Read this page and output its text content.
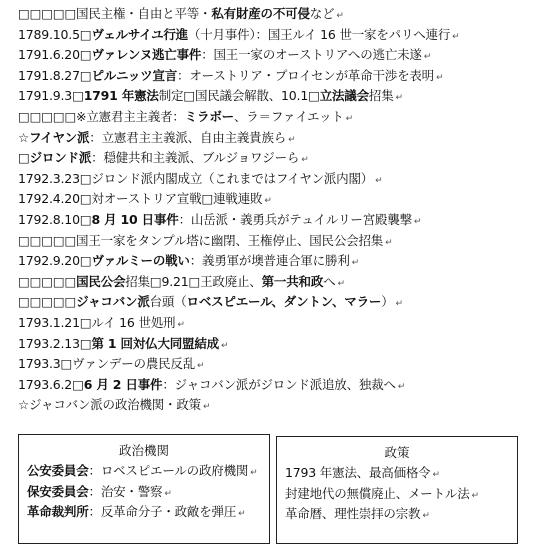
□□□□□国民主権・自由と平等・私有財産の不可侵など ↵
1789.10.5□ヴェルサイユ行進（十月事件）：国王ルイ 16 世一家をパリへ連行 ↵
1791.6.20□ヴァレンヌ逃亡事件：国王一家のオーストリアへの逃亡未遂 ↵
1791.8.27□ピルニッツ宣言：オーストリア・プロイセンが革命干渉を表明 ↵
1791.9.3□1791 年憲法制定□国民議会解散、10.1□立法議会招集 ↵
□□□□□※立憲君主主義者：ミラボー、ラ＝ファイエット ↵
☆フイヤン派：立憲君主主義派、自由主義貴族ら ↵
□ジロンド派：穏健共和主義派、ブルジョワジーら ↵
1792.3.23□ジロンド派内閣成立（これまではフイヤン派内閣） ↵
1792.4.20□対オーストリア宣戦□連戦連敗 ↵
1792.8.10□8 月 10 日事件：山岳派・義勇兵がテュイルリー宮殿襲撃 ↵
□□□□□国王一家をタンプル塔に幽閉、王権停止、国民公会招集 ↵
1792.9.20□ヴァルミーの戦い：義勇軍が墺普連合軍に勝利 ↵
□□□□□国民公会招集□9.21□王政廃止、第一共和政へ ↵
□□□□□ジャコバン派台頭（ロベスピエール、ダントン、マラー） ↵
1793.1.21□ルイ 16 世処刑 ↵
1793.2.13□第 1 回対仏大同盟結成 ↵
1793.3□ヴァンデーの農民反乱 ↵
1793.6.2□6 月 2 日事件：ジャコバン派がジロンド派追放、独裁へ ↵
☆ジャコバン派の政治機関・政策 ↵
政治機関
公安委員会：ロベスピエールの政府機関 ↵
保安委員会：治安・警察 ↵
革命裁判所：反革命分子・政敵を弾圧 ↵
政策
1793 年憲法、最高価格令 ↵
封建地代の無償廃止、メートル法 ↵
革命暦、理性崇拝の宗教 ↵
